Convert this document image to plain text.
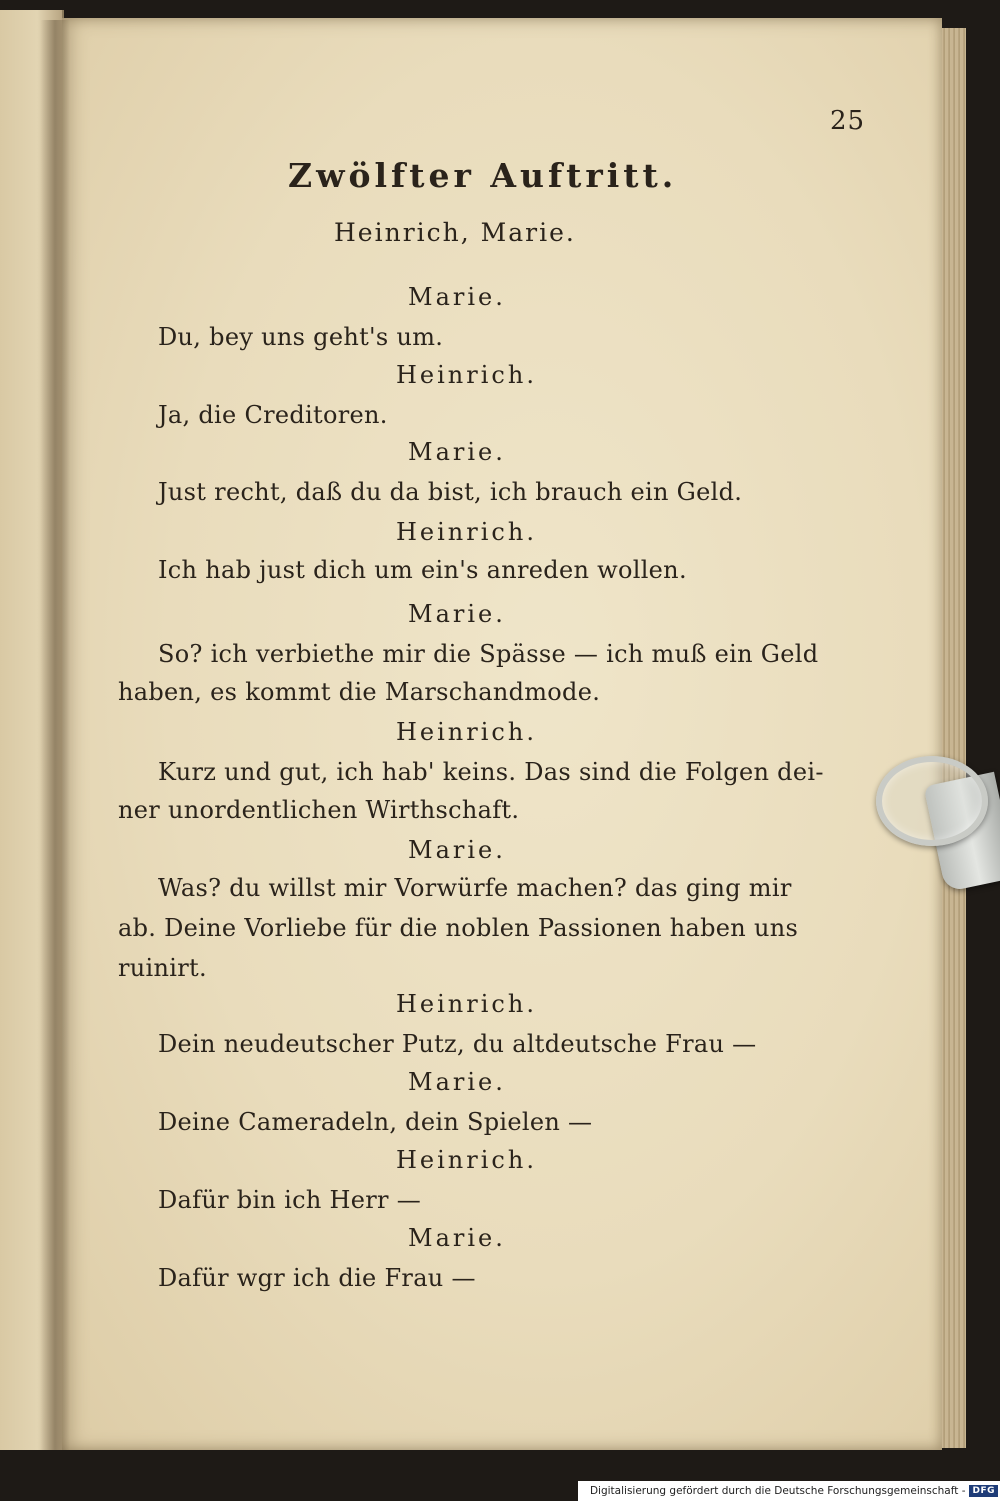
25
Zwölfter Auftritt.
Heinrich, Marie.
Marie.
Du, bey uns geht's um.
Heinrich.
Ja, die Creditoren.
Marie.
Just recht, daß du da bist, ich brauch ein Geld.
Heinrich.
Ich hab just dich um ein's anreden wollen.
Marie.
So? ich verbiethe mir die Spässe — ich muß ein Geld
haben, es kommt die Marschandmode.
Heinrich.
Kurz und gut, ich hab' keins. Das sind die Folgen dei-
ner unordentlichen Wirthschaft.
Marie.
Was? du willst mir Vorwürfe machen? das ging mir
ab. Deine Vorliebe für die noblen Passionen haben uns
ruinirt.
Heinrich.
Dein neudeutscher Putz, du altdeutsche Frau —
Marie.
Deine Cameradeln, dein Spielen —
Heinrich.
Dafür bin ich Herr —
Marie.
Dafür wgr ich die Frau —
Digitalisierung gefördert durch die Deutsche Forschungsgemeinschaft - DFG
